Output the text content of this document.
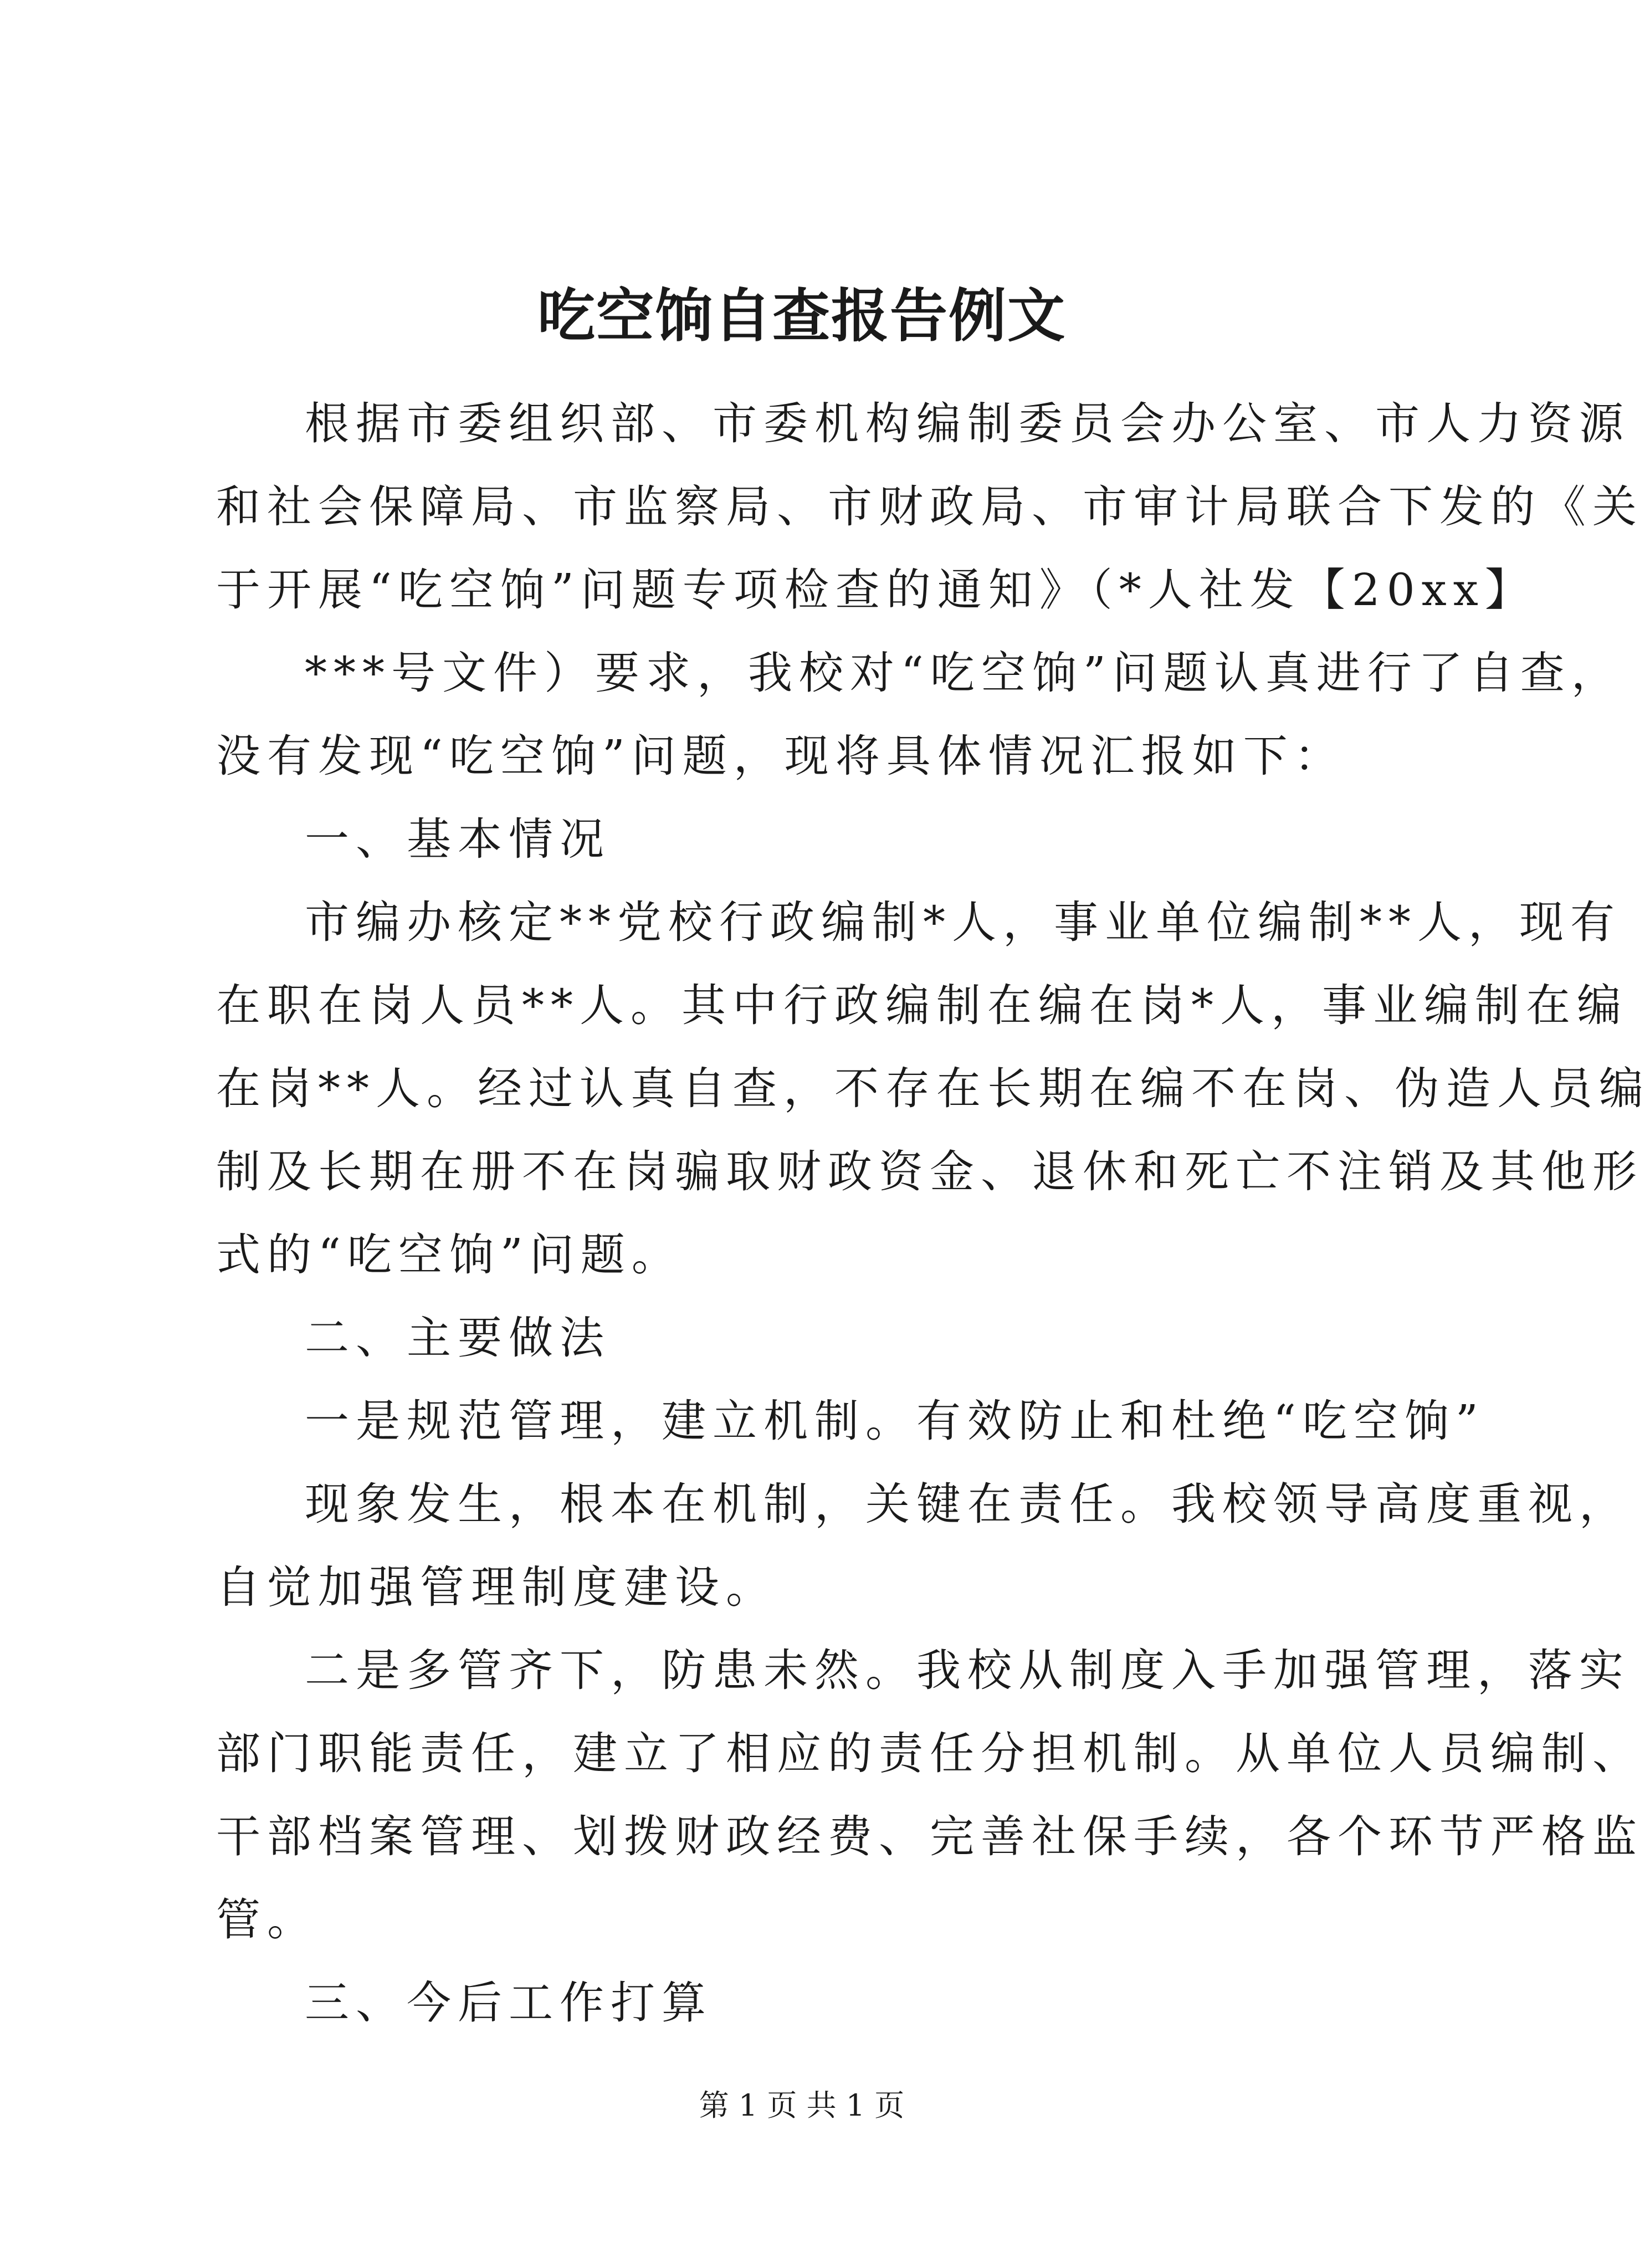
吃空饷自查报告例文
根据市委组织部、市委机构编制委员会办公室、市人力资源
和社会保障局、市监察局、市财政局、市审计局联合下发的《关
于开展“吃空饷”问题专项检查的通知》（*人社发【20xx】
***号文件）要求，我校对“吃空饷”问题认真进行了自查，
没有发现“吃空饷”问题，现将具体情况汇报如下：
一、基本情况
市编办核定**党校行政编制*人，事业单位编制**人，现有
在职在岗人员**人。其中行政编制在编在岗*人，事业编制在编
在岗**人。经过认真自查，不存在长期在编不在岗、伪造人员编
制及长期在册不在岗骗取财政资金、退休和死亡不注销及其他形
式的“吃空饷”问题。
二、主要做法
一是规范管理，建立机制。有效防止和杜绝“吃空饷”
现象发生，根本在机制，关键在责任。我校领导高度重视，
自觉加强管理制度建设。
二是多管齐下，防患未然。我校从制度入手加强管理，落实
部门职能责任，建立了相应的责任分担机制。从单位人员编制、
干部档案管理、划拨财政经费、完善社保手续，各个环节严格监
管。
三、今后工作打算
第 1 页 共 1 页
